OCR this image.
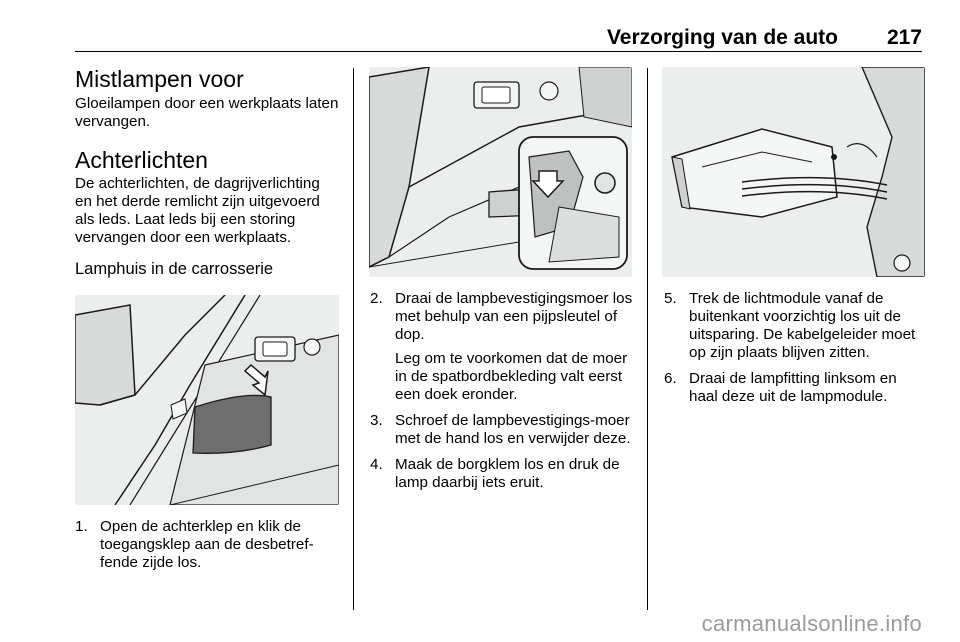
Verzorging van de auto 217
Mistlampen voor

Gloeilampen door een werkplaats laten vervangen.

Achterlichten

De achterlichten, de dagrijverlichting en het derde remlicht zijn uitgevoerd als leds. Laat leds bij een storing vervangen door een werkplaats.

Lamphuis in de carrosserie
1. Open de achterklep en klik de toegangsklep aan de desbetref-fende zijde los.
2. Draai de lampbevestigingsmoer los met behulp van een pijpsleutel of dop.
Leg om te voorkomen dat de moer in de spatbordbekleding valt eerst een doek eronder.
3. Schroef de lampbevestigings-moer met de hand los en verwijder deze.
4. Maak de borgklem los en druk de lamp daarbij iets eruit.
5. Trek de lichtmodule vanaf de buitenkant voorzichtig los uit de uitsparing. De kabelgeleider moet op zijn plaats blijven zitten.
6. Draai de lampfitting linksom en haal deze uit de lampmodule.
carmanualsonline.info
